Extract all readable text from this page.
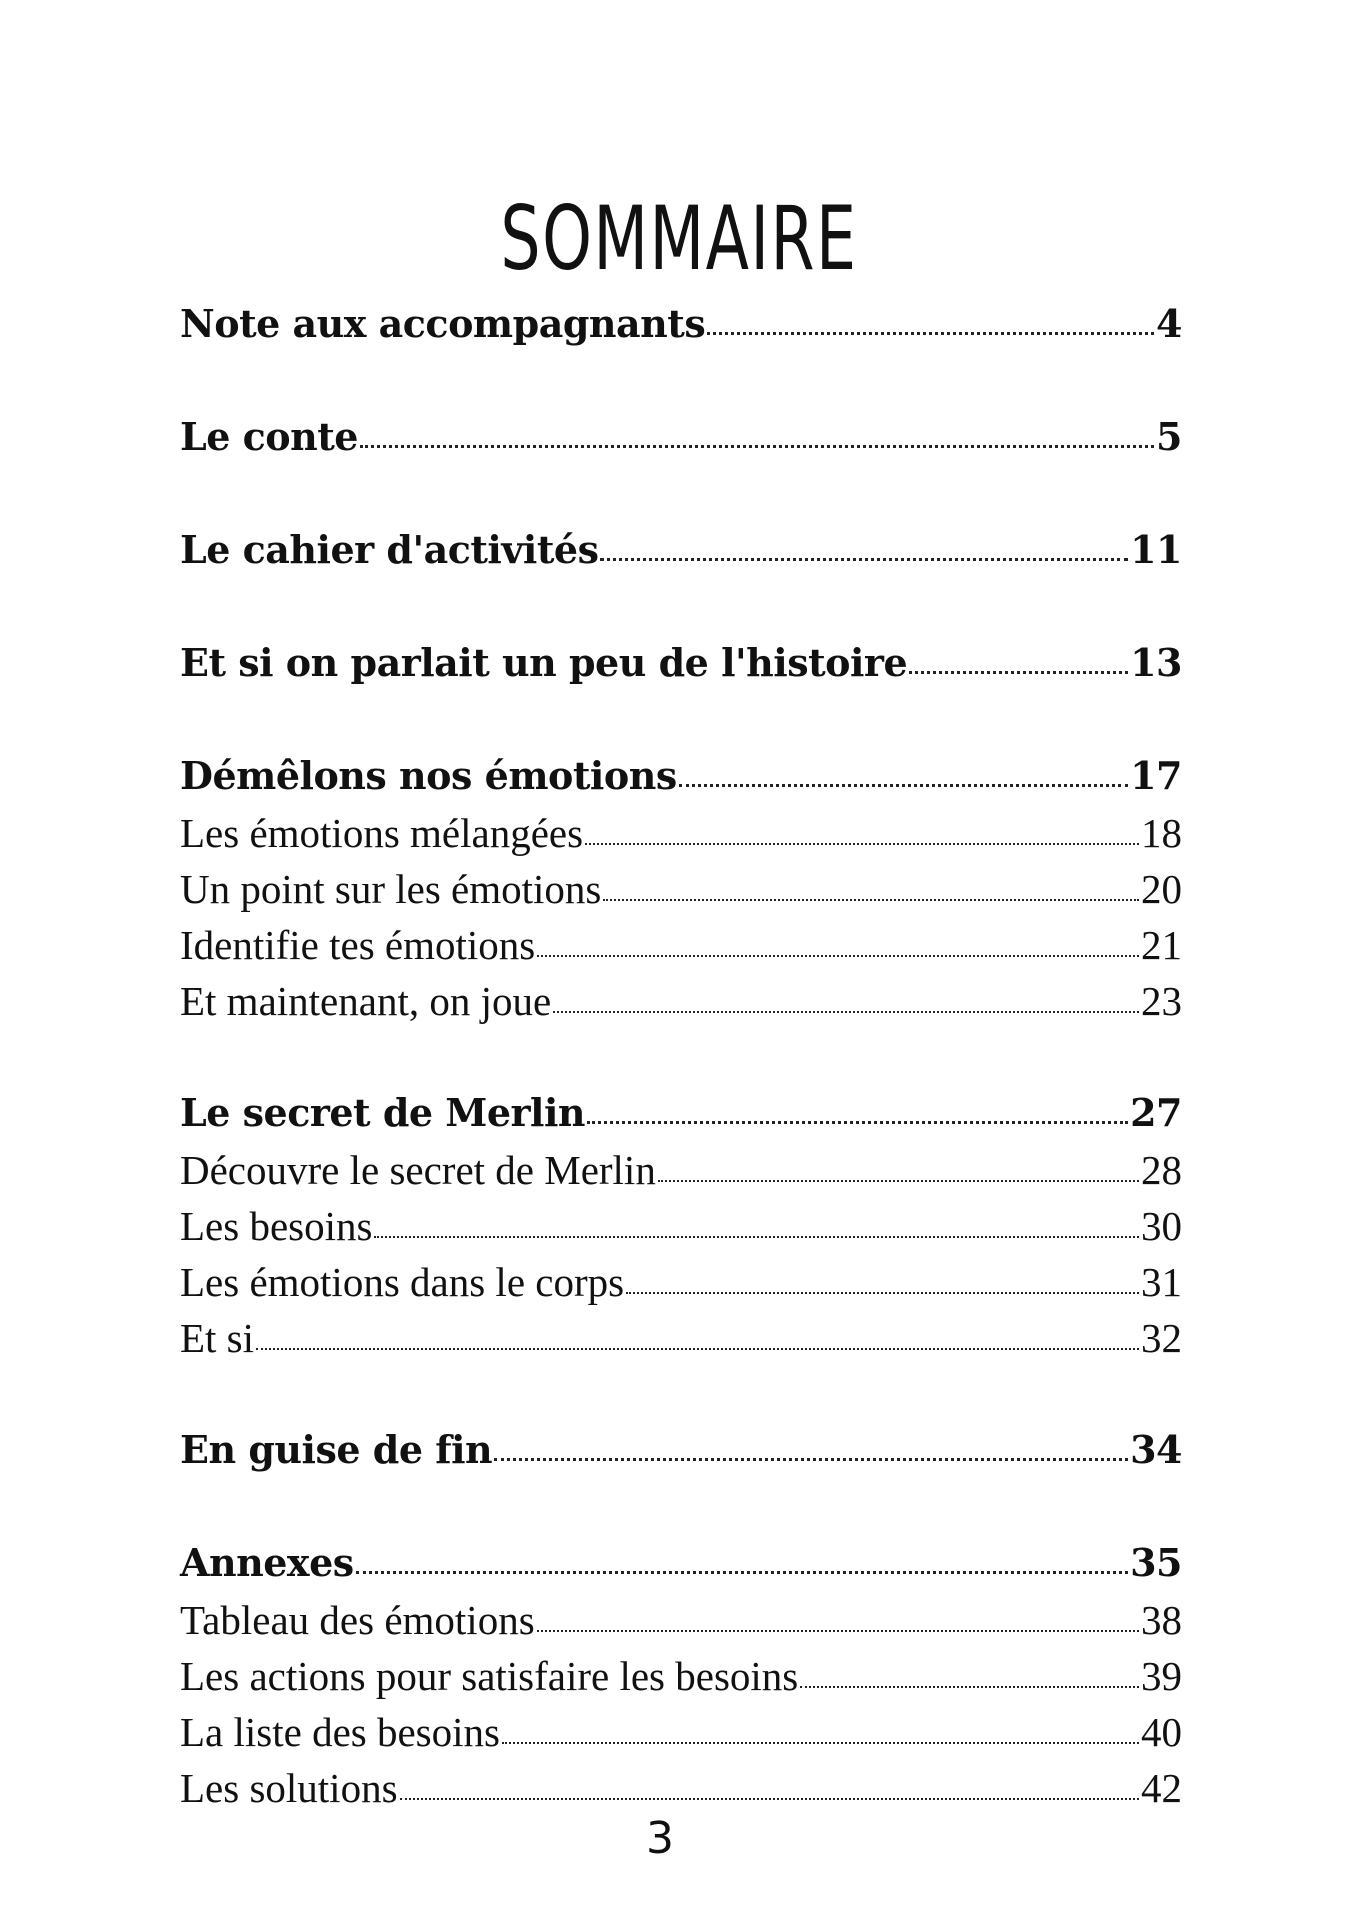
SOMMAIRE
Note aux accompagnants	4
Le conte	5
Le cahier d'activités	11
Et si on parlait un peu de l'histoire	13
Démêlons nos émotions	17
Les émotions mélangées	18
Un point sur les émotions	20
Identifie tes émotions	21
Et maintenant, on joue	23
Le secret de Merlin	27
Découvre le secret de Merlin	28
Les besoins	30
Les émotions dans le corps	31
Et si	32
En guise de fin	34
Annexes	35
Tableau des émotions	38
Les actions pour satisfaire les besoins	39
La liste des besoins	40
Les solutions	42
3
